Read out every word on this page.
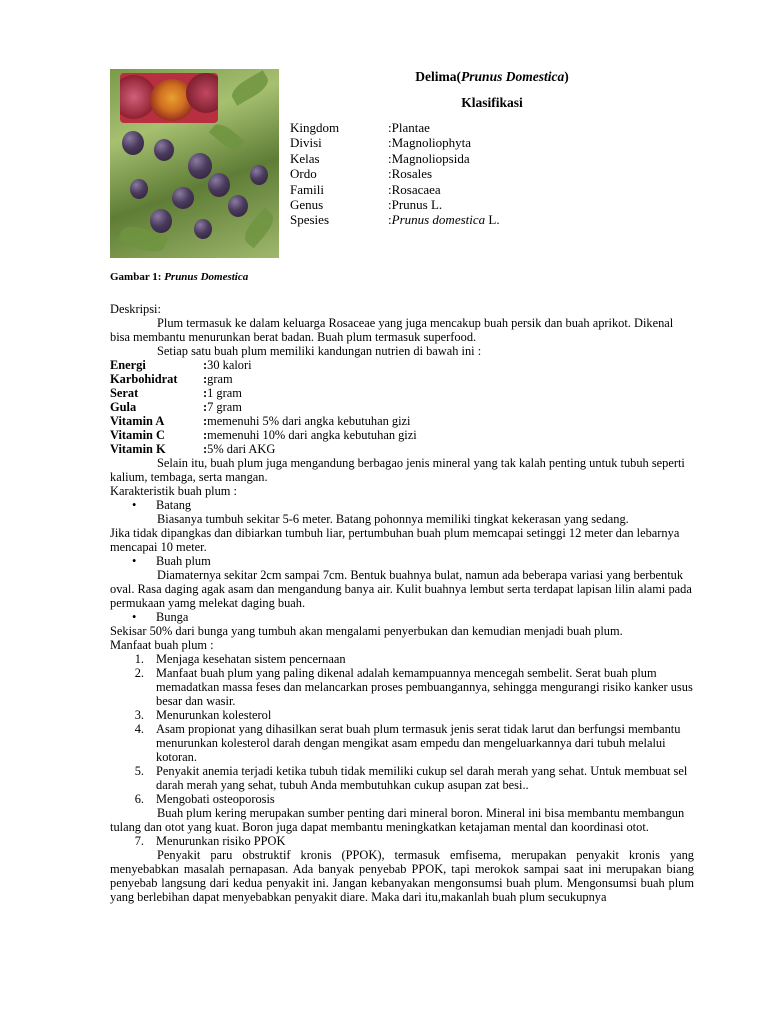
Delima(Prunus Domestica)
Klasifikasi
Kingdom	:Plantae
Divisi	:Magnoliophyta
Kelas	:Magnoliopsida
Ordo	:Rosales
Famili	:Rosacaea
Genus	:Prunus L.
Spesies	:Prunus domestica L.
Gambar 1: Prunus Domestica

Deskripsi:

Plum termasuk ke dalam keluarga Rosaceae yang juga mencakup buah persik dan buah aprikot. Dikenal bisa membantu menurunkan berat badan. Buah plum termasuk superfood.

Setiap satu buah plum memiliki kandungan nutrien di bawah ini :

Energi	:30 kalori
Karbohidrat :gram
Serat	:1 gram
Gula	:7 gram
Vitamin A	:memenuhi 5% dari angka kebutuhan gizi
Vitamin C	:memenuhi 10% dari angka kebutuhan gizi
Vitamin K	:5% dari AKG

Selain itu, buah plum juga mengandung berbagao jenis mineral yang tak kalah penting untuk tubuh seperti kalium, tembaga, serta mangan.

Karakteristik buah plum :

• Batang

Biasanya tumbuh sekitar 5-6 meter. Batang pohonnya memiliki tingkat kekerasan yang sedang.

Jika tidak dipangkas dan dibiarkan tumbuh liar, pertumbuhan buah plum memcapai setinggi 12 meter dan lebarnya mencapai 10 meter.

• Buah plum

Diamaternya sekitar 2cm sampai 7cm. Bentuk buahnya bulat, namun ada beberapa variasi yang berbentuk oval. Rasa daging agak asam dan mengandung banya air. Kulit buahnya lembut serta terdapat lapisan lilin alami pada permukaan yamg melekat daging buah.

• Bunga

Sekisar 50% dari bunga yang tumbuh akan mengalami penyerbukan dan kemudian menjadi buah plum.

Manfaat buah plum :

1. Menjaga kesehatan sistem pencernaan
2. Manfaat buah plum yang paling dikenal adalah kemampuannya mencegah sembelit. Serat buah plum memadatkan massa feses dan melancarkan proses pembuangannya, sehingga mengurangi risiko kanker usus besar dan wasir.
3. Menurunkan kolesterol
4. Asam propionat yang dihasilkan serat buah plum termasuk jenis serat tidak larut dan berfungsi membantu menurunkan kolesterol darah dengan mengikat asam empedu dan mengeluarkannya dari tubuh melalui kotoran.
5. Penyakit anemia terjadi ketika tubuh tidak memiliki cukup sel darah merah yang sehat. Untuk membuat sel darah merah yang sehat, tubuh Anda membutuhkan cukup asupan zat besi..
6. Mengobati osteoporosis

Buah plum kering merupakan sumber penting dari mineral boron. Mineral ini bisa membantu membangun tulang dan otot yang kuat. Boron juga dapat membantu meningkatkan ketajaman mental dan koordinasi otot.

7. Menurunkan risiko PPOK

Penyakit paru obstruktif kronis (PPOK), termasuk emfisema, merupakan penyakit kronis yang menyebabkan masalah pernapasan. Ada banyak penyebab PPOK, tapi merokok sampai saat ini merupakan biang penyebab langsung dari kedua penyakit ini. Jangan kebanyakan mengonsumsi buah plum. Mengonsumsi buah plum yang berlebihan dapat menyebabkan penyakit diare. Maka dari itu,makanlah buah plum secukupnya
